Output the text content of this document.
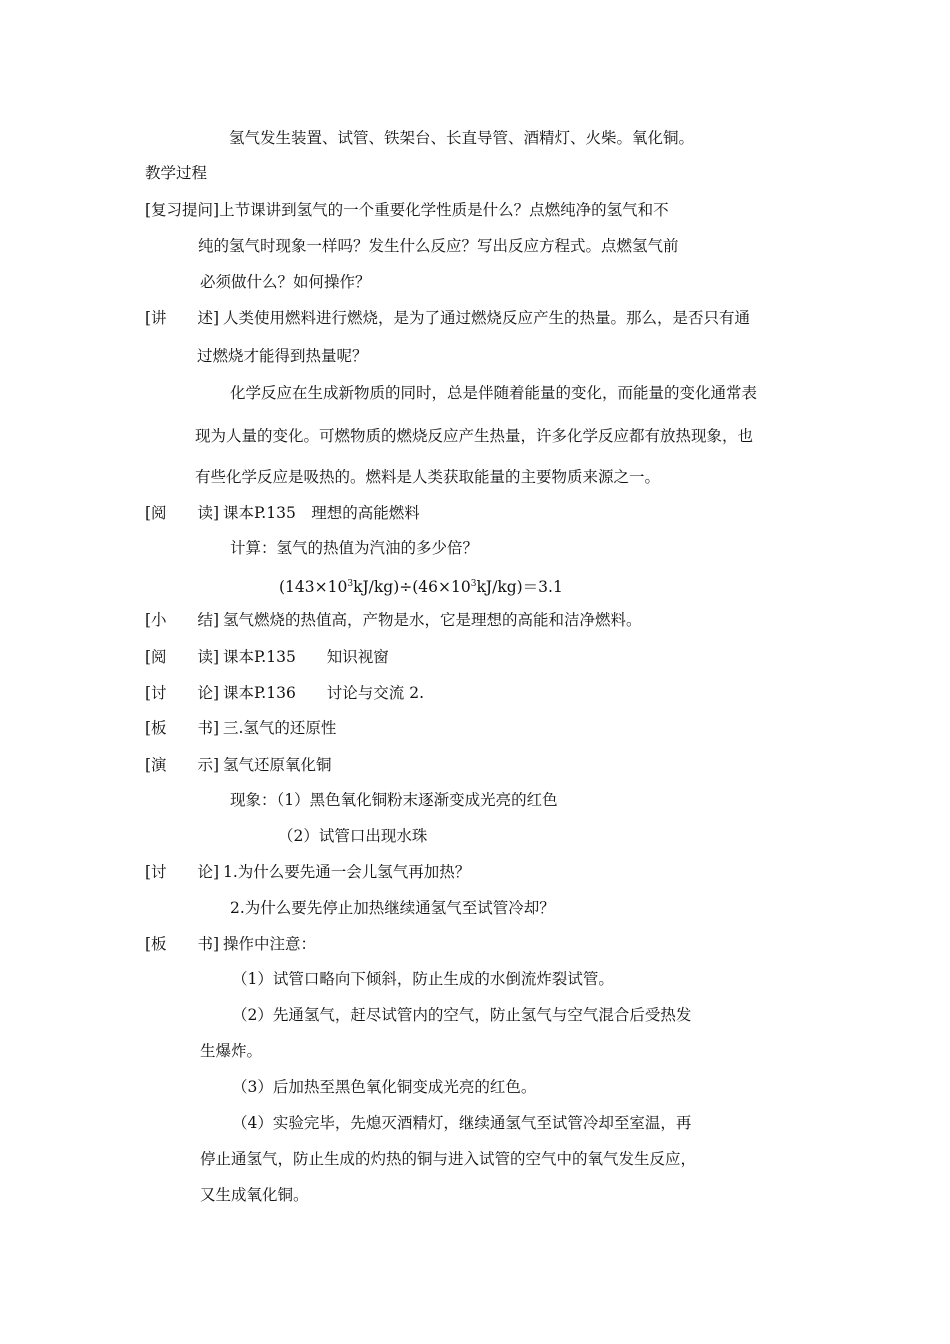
氢气发生装置、试管、铁架台、长直导管、酒精灯、火柴。氧化铜。
教学过程
[复习提问]上节课讲到氢气的一个重要化学性质是什么？点燃纯净的氢气和不
纯的氢气时现象一样吗？发生什么反应？写出反应方程式。点燃氢气前
必须做什么？如何操作？
[讲　　述] 人类使用燃料进行燃烧，是为了通过燃烧反应产生的热量。那么，是否只有通
过燃烧才能得到热量呢？
化学反应在生成新物质的同时，总是伴随着能量的变化，而能量的变化通常表
现为人量的变化。可燃物质的燃烧反应产生热量，许多化学反应都有放热现象，也
有些化学反应是吸热的。燃料是人类获取能量的主要物质来源之一。
[阅　　读] 课本P.135　理想的高能燃料
计算：氢气的热值为汽油的多少倍？
$(143\times 10^3kJ/kg)\div(46\times 10^3kJ/kg)=3.1$
[小　　结] 氢气燃烧的热值高，产物是水，它是理想的高能和洁净燃料。
[阅　　读] 课本P.135　　知识视窗
[讨　　论] 课本P.136　　讨论与交流 2.
[板　　书] 三.氢气的还原性
[演　　示] 氢气还原氧化铜
现象：（1）黑色氧化铜粉末逐渐变成光亮的红色
（2）试管口出现水珠
[讨　　论] 1.为什么要先通一会儿氢气再加热？
2.为什么要先停止加热继续通氢气至试管冷却？
[板　　书] 操作中注意：
（1）试管口略向下倾斜，防止生成的水倒流炸裂试管。
（2）先通氢气，赶尽试管内的空气，防止氢气与空气混合后受热发
生爆炸。
（3）后加热至黑色氧化铜变成光亮的红色。
（4）实验完毕，先熄灭酒精灯，继续通氢气至试管冷却至室温，再
停止通氢气，防止生成的灼热的铜与进入试管的空气中的氧气发生反应，
又生成氧化铜。
